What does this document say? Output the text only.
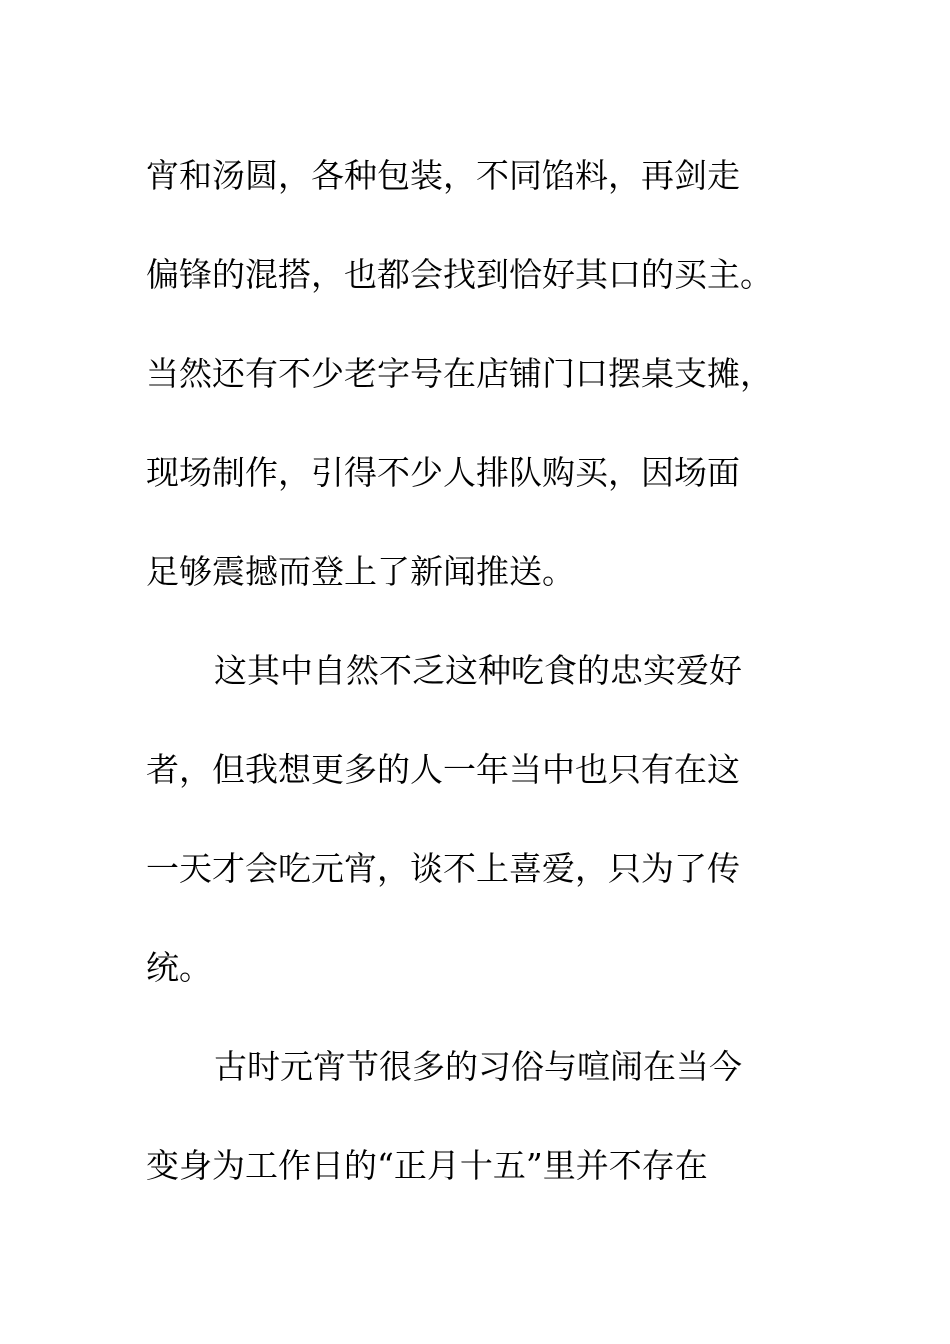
宵和汤圆，各种包装，不同馅料，再剑走
偏锋的混搭，也都会找到恰好其口的买主。
当然还有不少老字号在店铺门口摆桌支摊，
现场制作，引得不少人排队购买，因场面
足够震撼而登上了新闻推送。
这其中自然不乏这种吃食的忠实爱好
者，但我想更多的人一年当中也只有在这
一天才会吃元宵，谈不上喜爱，只为了传
统。
古时元宵节很多的习俗与喧闹在当今
变身为工作日的“正月十五”里并不存在
